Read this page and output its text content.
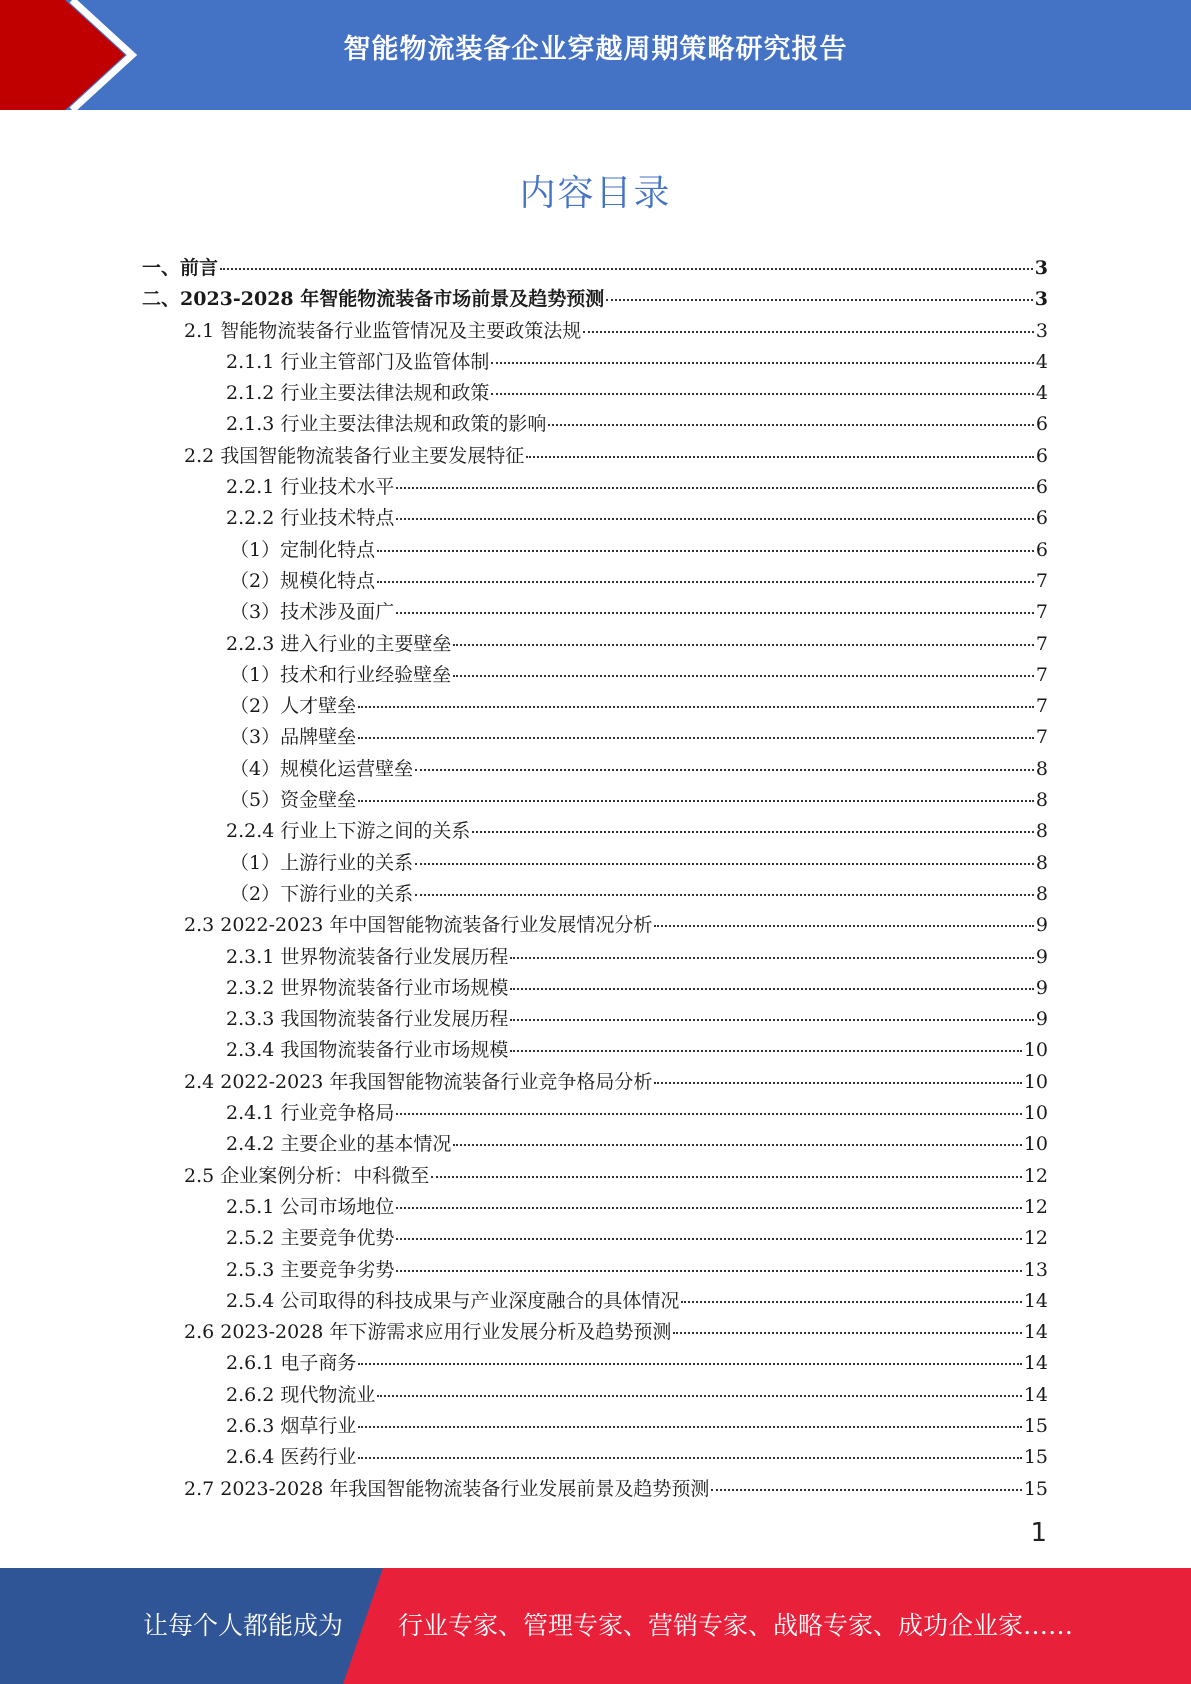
智能物流装备企业穿越周期策略研究报告
内容目录
一、前言	3
二、2023-2028 年智能物流装备市场前景及趋势预测	3
2.1 智能物流装备行业监管情况及主要政策法规	3
2.1.1 行业主管部门及监管体制	4
2.1.2 行业主要法律法规和政策	4
2.1.3 行业主要法律法规和政策的影响	6
2.2 我国智能物流装备行业主要发展特征	6
2.2.1 行业技术水平	6
2.2.2 行业技术特点	6
（1）定制化特点	6
（2）规模化特点	7
（3）技术涉及面广	7
2.2.3 进入行业的主要壁垒	7
（1）技术和行业经验壁垒	7
（2）人才壁垒	7
（3）品牌壁垒	7
（4）规模化运营壁垒	8
（5）资金壁垒	8
2.2.4 行业上下游之间的关系	8
（1）上游行业的关系	8
（2）下游行业的关系	8
2.3 2022-2023 年中国智能物流装备行业发展情况分析	9
2.3.1 世界物流装备行业发展历程	9
2.3.2 世界物流装备行业市场规模	9
2.3.3 我国物流装备行业发展历程	9
2.3.4 我国物流装备行业市场规模	10
2.4 2022-2023 年我国智能物流装备行业竞争格局分析	10
2.4.1 行业竞争格局	10
2.4.2 主要企业的基本情况	10
2.5 企业案例分析：中科微至	12
2.5.1 公司市场地位	12
2.5.2 主要竞争优势	12
2.5.3 主要竞争劣势	13
2.5.4 公司取得的科技成果与产业深度融合的具体情况	14
2.6 2023-2028 年下游需求应用行业发展分析及趋势预测	14
2.6.1 电子商务	14
2.6.2 现代物流业	14
2.6.3 烟草行业	15
2.6.4 医药行业	15
2.7 2023-2028 年我国智能物流装备行业发展前景及趋势预测	15
1
让每个人都能成为 行业专家、管理专家、营销专家、战略专家、成功企业家……
